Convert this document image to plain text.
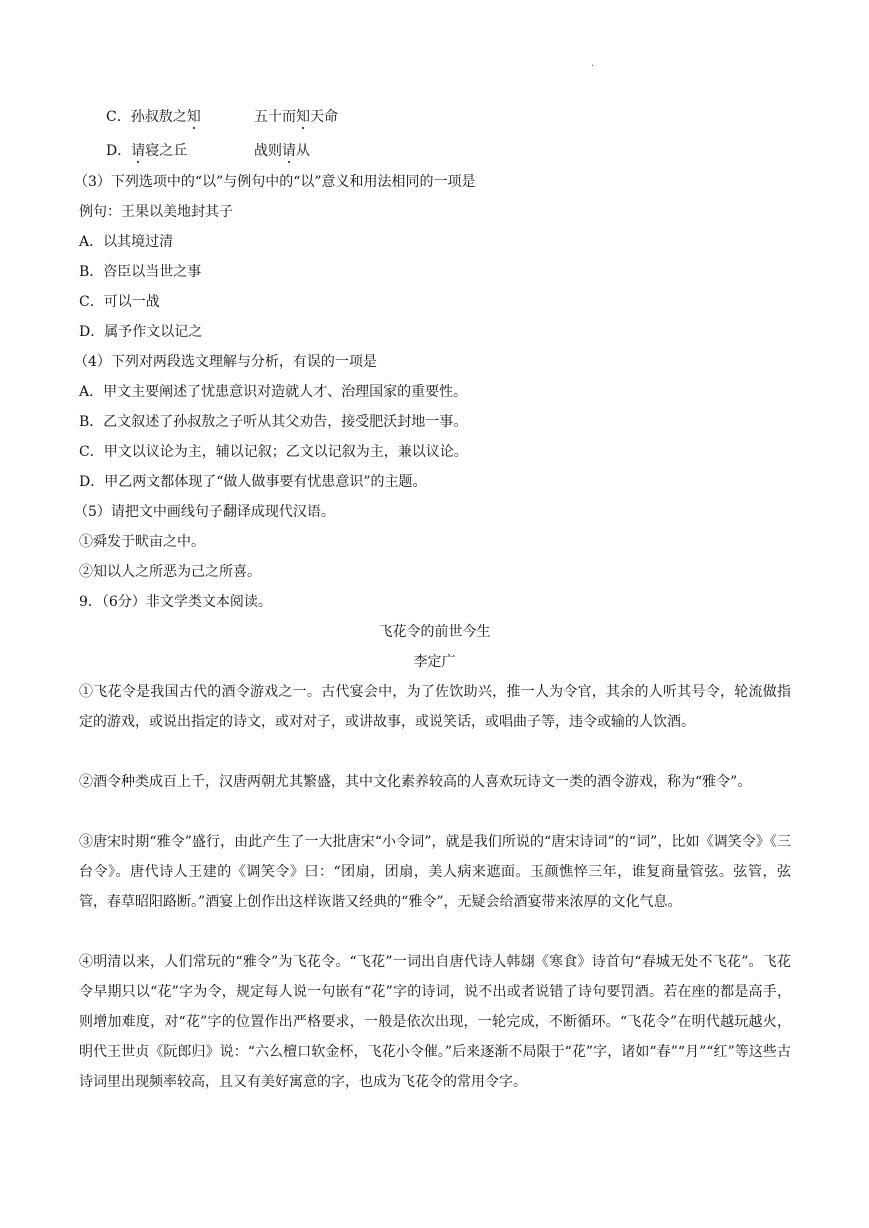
.
C．孙叔敖之知	五十而知天命
D．请寝之丘	战则请从
（3）下列选项中的“以”与例句中的“以”意义和用法相同的一项是
例句：王果以美地封其子
A．以其境过清
B．咨臣以当世之事
C．可以一战
D．属予作文以记之
（4）下列对两段选文理解与分析，有误的一项是
A．甲文主要阐述了忧患意识对造就人才、治理国家的重要性。
B．乙文叙述了孙叔敖之子听从其父劝告，接受肥沃封地一事。
C．甲文以议论为主，辅以记叙；乙文以记叙为主，兼以议论。
D．甲乙两文都体现了“做人做事要有忧患意识”的主题。
（5）请把文中画线句子翻译成现代汉语。
①舜发于畎亩之中。
②知以人之所恶为己之所喜。
9．（6分）非文学类文本阅读。
飞花令的前世今生
李定广
①飞花令是我国古代的酒令游戏之一。古代宴会中，为了佐饮助兴，推一人为令官，其余的人听其号令，轮流做指定的游戏，或说出指定的诗文，或对对子，或讲故事，或说笑话，或唱曲子等，违令或输的人饮酒。
②酒令种类成百上千，汉唐两朝尤其繁盛，其中文化素养较高的人喜欢玩诗文一类的酒令游戏，称为“雅令”。
③唐宋时期“雅令”盛行，由此产生了一大批唐宋“小令词”，就是我们所说的“唐宋诗词”的“词”，比如《调笑令》《三台令》。唐代诗人王建的《调笑令》曰：“团扇，团扇，美人病来遮面。玉颜憔悴三年，谁复商量管弦。弦管，弦管，春草昭阳路断。”酒宴上创作出这样诙谐又经典的“雅令”，无疑会给酒宴带来浓厚的文化气息。
④明清以来，人们常玩的“雅令”为飞花令。“飞花”一词出自唐代诗人韩翃《寒食》诗首句“春城无处不飞花”。飞花令早期只以“花”字为令，规定每人说一句嵌有“花”字的诗词，说不出或者说错了诗句要罚酒。若在座的都是高手，则增加难度，对“花”字的位置作出严格要求，一般是依次出现，一轮完成，不断循环。“飞花令”在明代越玩越火，明代王世贞《阮郎归》说：“六么檀口软金杯，飞花小令催。”后来逐渐不局限于“花”字，诸如“春”“月”“红”等这些古诗词里出现频率较高，且又有美好寓意的字，也成为飞花令的常用令字。
